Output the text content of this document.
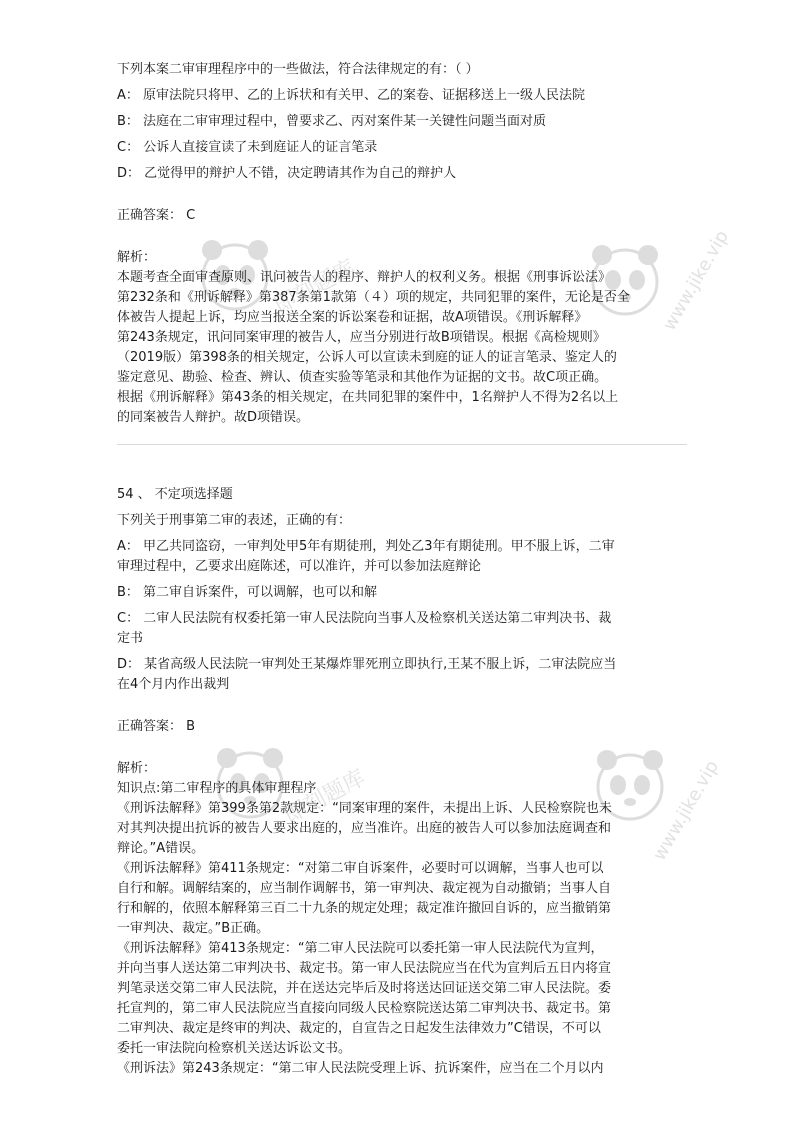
下列本案二审审理程序中的一些做法，符合法律规定的有：（ ）

A： 原审法院只将甲、乙的上诉状和有关甲、乙的案卷、证据移送上一级人民法院

B： 法庭在二审审理过程中，曾要求乙、丙对案件某一关键性问题当面对质

C： 公诉人直接宣读了未到庭证人的证言笔录

D： 乙觉得甲的辩护人不错，决定聘请其作为自己的辩护人

正确答案： C

解析：

本题考查全面审查原则、讯问被告人的程序、辩护人的权利义务。根据《刑事诉讼法》

第232条和《刑诉解释》第387条第1款第（４）项的规定，共同犯罪的案件，无论是否全

体被告人提起上诉，均应当报送全案的诉讼案卷和证据，故A项错误。《刑诉解释》

第243条规定，讯问同案审理的被告人，应当分别进行故B项错误。根据《高检规则》

（2019版）第398条的相关规定，公诉人可以宣读未到庭的证人的证言笔录、鉴定人的

鉴定意见、勘验、检查、辨认、侦查实验等笔录和其他作为证据的文书。故C项正确。

根据《刑诉解释》第43条的相关规定，在共同犯罪的案件中，1名辩护人不得为2名以上

的同案被告人辩护。故D项错误。

54 、 不定项选择题

下列关于刑事第二审的表述，正确的有：

A： 甲乙共同盗窃，一审判处甲5年有期徒刑，判处乙3年有期徒刑。甲不服上诉，二审

审理过程中，乙要求出庭陈述，可以准许，并可以参加法庭辩论

B： 第二审自诉案件，可以调解，也可以和解

C： 二审人民法院有权委托第一审人民法院向当事人及检察机关送达第二审判决书、裁

定书

D： 某省高级人民法院一审判处王某爆炸罪死刑立即执行,王某不服上诉，二审法院应当

在4个月内作出裁判

正确答案： B

解析：

知识点:第二审程序的具体审理程序

《刑诉法解释》第399条第2款规定：“同案审理的案件，未提出上诉、人民检察院也未

对其判决提出抗诉的被告人要求出庭的，应当准许。出庭的被告人可以参加法庭调查和

辩论。”A错误。

《刑诉法解释》第411条规定：“对第二审自诉案件，必要时可以调解，当事人也可以

自行和解。调解结案的，应当制作调解书，第一审判决、裁定视为自动撤销；当事人自

行和解的，依照本解释第三百二十九条的规定处理；裁定准许撤回自诉的，应当撤销第

一审判决、裁定。”B正确。

《刑诉法解释》第413条规定：“第二审人民法院可以委托第一审人民法院代为宣判，

并向当事人送达第二审判决书、裁定书。第一审人民法院应当在代为宣判后五日内将宣

判笔录送交第二审人民法院，并在送达完毕后及时将送达回证送交第二审人民法院。委

托宣判的，第二审人民法院应当直接向同级人民检察院送达第二审判决书、裁定书。第

二审判决、裁定是终审的判决、裁定的，自宣告之日起发生法律效力”C错误，不可以

委托一审法院向检察机关送达诉讼文书。

《刑诉法》第243条规定：“第二审人民法院受理上诉、抗诉案件，应当在二个月以内

即刻题库	www.jike.vip
即刻题库	www.jike.vip
